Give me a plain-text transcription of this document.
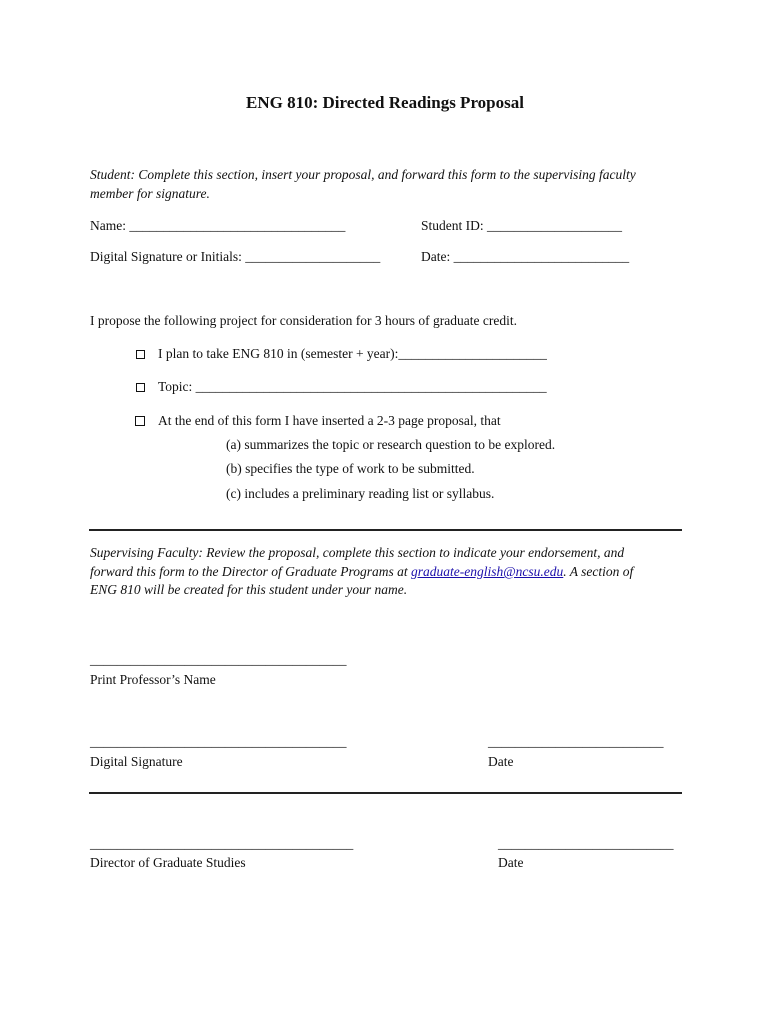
ENG 810: Directed Readings Proposal
Student: Complete this section, insert your proposal, and forward this form to the supervising faculty
member for signature.
Name: ________________________________	Student ID: ____________________
Digital Signature or Initials: ____________________	Date: __________________________
I propose the following project for consideration for 3 hours of graduate credit.
I plan to take ENG 810 in (semester + year):______________________
Topic: ____________________________________________________
At the end of this form I have inserted a 2-3 page proposal, that
(a) summarizes the topic or research question to be explored.
(b) specifies the type of work to be submitted.
(c) includes a preliminary reading list or syllabus.
Supervising Faculty: Review the proposal, complete this section to indicate your endorsement, and
forward this form to the Director of Graduate Programs at graduate-english@ncsu.edu. A section of
ENG 810 will be created for this student under your name.
______________________________________
Print Professor’s Name
______________________________________
Digital Signature
__________________________
Date
_______________________________________
Director of Graduate Studies
__________________________
Date
